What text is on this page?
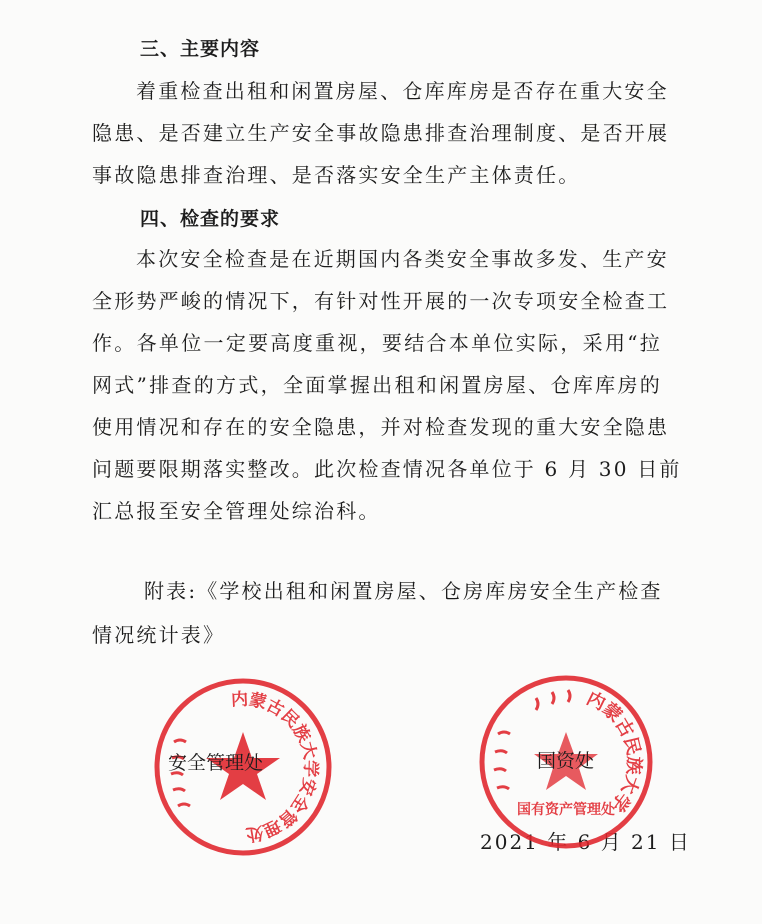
三、主要内容
着重检查出租和闲置房屋、仓库库房是否存在重大安全
隐患、是否建立生产安全事故隐患排查治理制度、是否开展
事故隐患排查治理、是否落实安全生产主体责任。
四、检查的要求
本次安全检查是在近期国内各类安全事故多发、生产安
全形势严峻的情况下，有针对性开展的一次专项安全检查工
作。各单位一定要高度重视，要结合本单位实际，采用“拉
网式”排查的方式，全面掌握出租和闲置房屋、仓库库房的
使用情况和存在的安全隐患，并对检查发现的重大安全隐患
问题要限期落实整改。此次检查情况各单位于 6 月 30 日前
汇总报至安全管理处综治科。
附表:《学校出租和闲置房屋、仓房库房安全生产检查
情况统计表》
内蒙古民族大学安全管理处
内蒙古民族大学
国有资产管理处
安全管理处	国资处
2021 年 6 月 21 日
